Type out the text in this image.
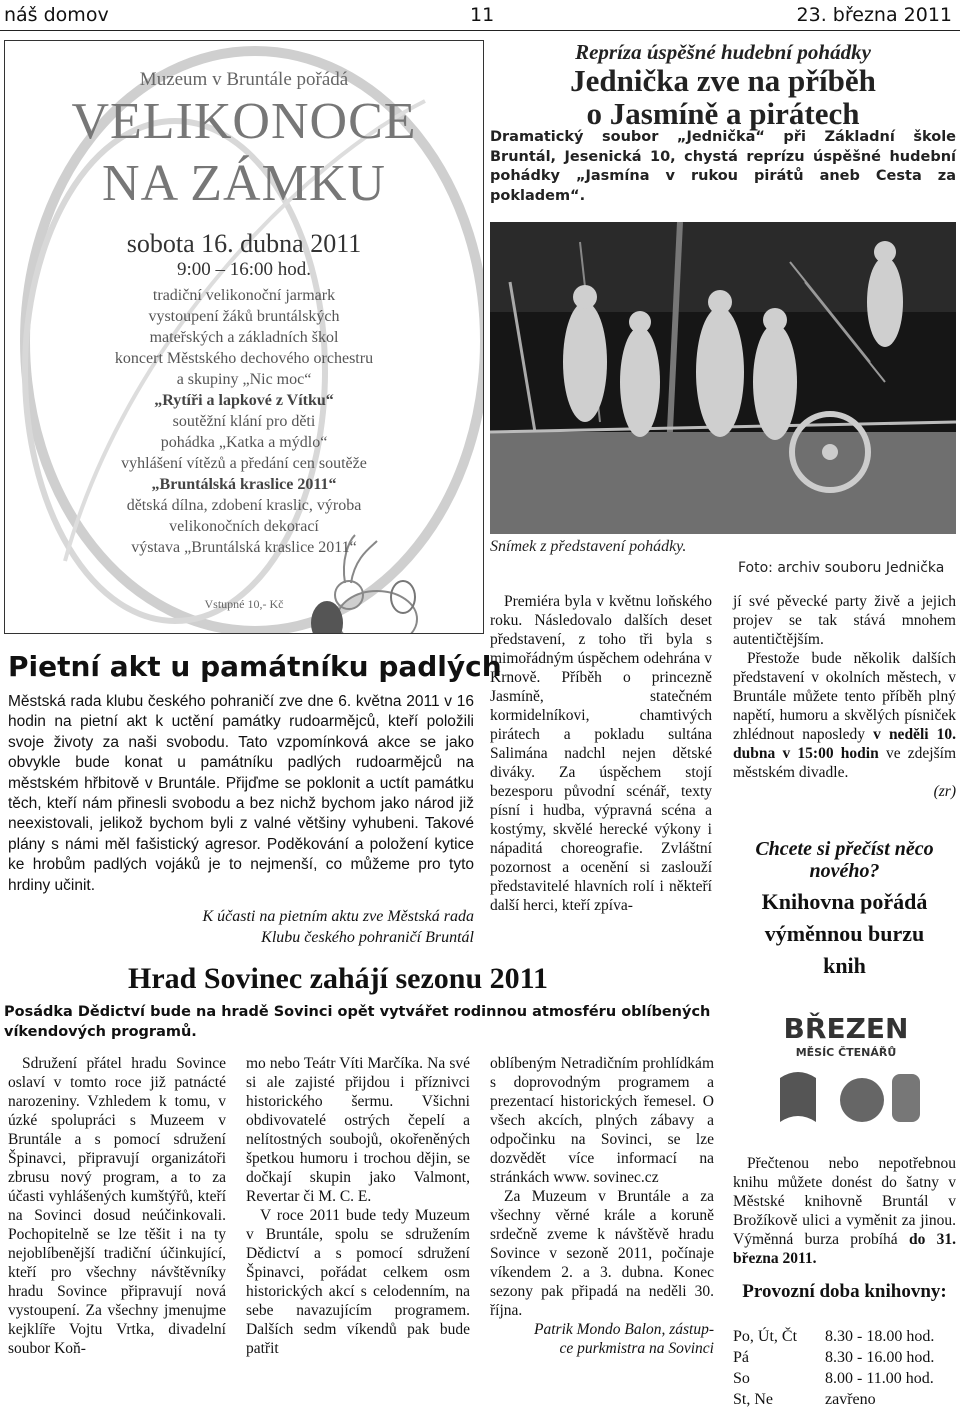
náš domov	11	23. března 2011
Muzeum v Bruntále pořádá
VELIKONOCE
NA ZÁMKU
sobota 16. dubna 2011
9:00 – 16:00 hod.
tradiční velikonoční jarmark
vystoupení žáků bruntálských
mateřských a základních škol
koncert Městského dechového orchestru
a skupiny „Nic moc“
„Rytíři a lapkové z Vítku“
soutěžní klání pro děti
pohádka „Katka a mýdlo“
vyhlášení vítězů a předání cen soutěže
„Bruntálská kraslice 2011“
dětská dílna, zdobení kraslic, výroba
velikonočních dekorací
výstava „Bruntálská kraslice 2011“
Vstupné 10,- Kč
Repríza úspěšné hudební pohádky
Jednička zve na příběh
o Jasmíně a pirátech
Dramatický soubor „Jednička“ při Základní škole Bruntál, Jesenická 10, chystá reprízu úspěšné hudební pohádky „Jasmína v rukou pirátů aneb Cesta za pokladem“.
Snímek z představení pohádky.
Foto: archiv souboru Jednička

Premiéra byla v květnu loňského roku. Následovalo dalších deset představení, z toho tři byla s mimořádným úspěchem odehrána v Krnově. Příběh o princezně Jasmíně, statečném kormidelníkovi, chamtivých pirátech a pokladu sultána Salimána nadchl nejen dětské diváky. Za úspěchem stojí bezesporu původní scénář, texty písní i hudba, výpravná scéna a kostýmy, skvělé herecké výkony i nápaditá choreografie. Zvláštní pozornost a ocenění si zaslouží představitelé hlavních rolí i někteří další herci, kteří zpíva-

jí své pěvecké party živě a jejich projev se tak stává mnohem autentičtějším.

Přestože bude několik dalších představení v okolních městech, v Bruntále můžete tento příběh plný napětí, humoru a skvělých písniček zhlédnout naposledy v neděli 10. dubna v 15:00 hodin ve zdejším městském divadle.

(zr)

Pietní akt u památníku padlých
Městská rada klubu českého pohraničí zve dne 6. května 2011 v 16 hodin na pietní akt k uctění památky rudoarmějců, kteří položili svoje životy za naši svobodu. Tato vzpomínková akce se jako obvykle bude konat u památníku padlých rudoarmějců na městském hřbitově v Bruntále. Přijďme se poklonit a uctít památku těch, kteří nám přinesli svobodu a bez nichž bychom jako národ již neexistovali, jelikož bychom byli z valné většiny vyhubeni. Takové plány s námi měl fašistický agresor. Poděkování a položení kytice ke hrobům padlých vojáků je to nejmenší, co můžeme pro tyto hrdiny učinit.
K účasti na pietním aktu zve Městská rada
Klubu českého pohraničí Bruntál
Hrad Sovinec zahájí sezonu 2011
Posádka Dědictví bude na hradě Sovinci opět vytvářet rodinnou atmosféru oblíbených víkendových programů.

Sdružení přátel hradu Sovince oslaví v tomto roce již patnácté narozeniny. Vzhledem k tomu, v úzké spolupráci s Muzeem v Bruntále a s pomocí sdružení Špinavci, připravují organizátoři zbrusu nový program, a to za účasti vyhlášených kumštýřů, kteří na Sovinci dosud neúčinkovali. Pochopitelně se lze těšit i na ty nejoblíbenější tradiční účinkující, kteří pro všechny návštěvníky hradu Sovince připravují nová vystoupení. Za všechny jmenujme kejklíře Vojtu Vrtka, divadelní soubor Koň-

mo nebo Teátr Víti Marčíka. Na své si ale zajisté přijdou i příznivci historického šermu. Všichni obdivovatelé ostrých čepelí a nelítostných soubojů, okořeněných špetkou humoru i trochou dějin, se dočkají skupin jako Valmont, Revertar či M. C. E.

V roce 2011 bude tedy Muzeum v Bruntále, spolu se sdružením Dědictví a s pomocí sdružení Špinavci, pořádat celkem osm historických akcí s celodenním, na sebe navazujícím programem. Dalších sedm víkendů pak bude patřit

oblíbeným Netradičním prohlídkám s doprovodným programem a prezentací historických řemesel. O všech akcích, plných zábavy a odpočinku na Sovinci, se lze dozvědět více informací na stránkách www. sovinec.cz

Za Muzeum v Bruntále a za všechny věrné krále a koruně srdečně zveme k návštěvě hradu Sovince v sezoně 2011, počínaje víkendem 2. a 3. dubna. Konec sezony pak připadá na neděli 30. října.

Patrik Mondo Balon, zástup-
ce purkmistra na Sovinci

Chcete si přečíst něco nového?
Knihovna pořádá
výměnnou burzu
knih
BŘEZEN
MĚSÍC ČTENÁŘŮ

Přečtenou nebo nepotřebnou knihu můžete donést do šatny v Městské knihovně Bruntál v Brožíkově ulici a vyměnit za jinou. Výměnná burza probíhá do 31. března 2011.

Provozní doba knihovny:
Po, Út, Čt	8.30 - 18.00 hod.
Pá	8.30 - 16.00 hod.
So	8.00 - 11.00 hod.
St, Ne	zavřeno
